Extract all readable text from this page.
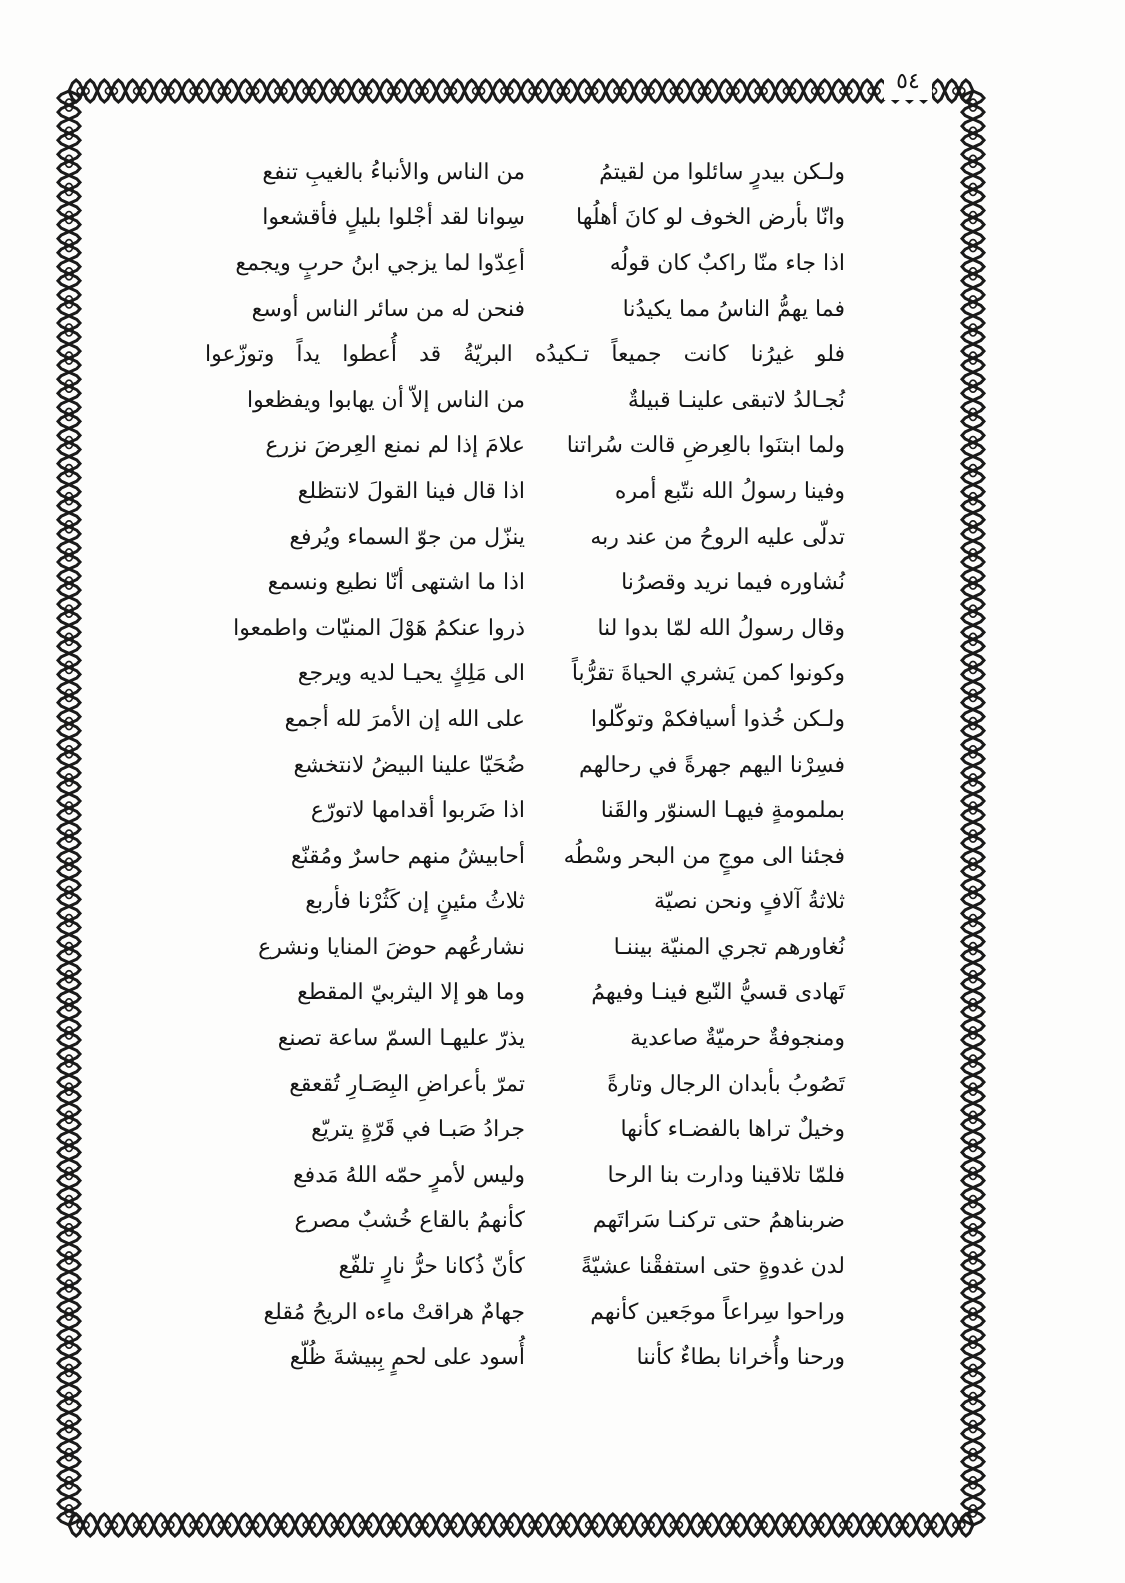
٥٤
ولـكن بيدرٍ سائلوا من لقيتمُ
من الناس والأنباءُ بالغيبِ تنفع
وانّا بأرض الخوف لو كانَ أهلُها
سِوانا لقد أجْلوا بليلٍ فأقشعوا
اذا جاء منّا راكبٌ كان قولُه
أعِدّوا لما يزجي ابنُ حربٍ ويجمع
فما يهمُّ الناسُ مما يكيدُنا
فنحن له من سائر الناس أوسع
فلو غيرُنا كانت جميعاً تـكيدُه البريّةُ قد أُعطوا يداً وتوزّعوا
نُجـالدُ لاتبقى علينـا قبيلةٌ
من الناس إلاّ أن يهابوا ويفظعوا
ولما ابتنَوا بالعِرضِ قالت سُراتنا
علامَ إذا لم نمنع العِرضَ نزرع
وفينا رسولُ الله نتّبع أمره
اذا قال فينا القولَ لانتظلع
تدلّى عليه الروحُ من عند ربه
ينزّل من جوّ السماء ويُرفع
نُشاوره فيما نريد وقصرُنا
اذا ما اشتهى أنّا نطيع ونسمع
وقال رسولُ الله لمّا بدوا لنا
ذروا عنكمُ هَوْلَ المنيّات واطمعوا
وكونوا كمن يَشري الحياةَ تقرُّباً
الى مَلِكٍ يحيـا لديه ويرجع
ولـكن خُذوا أسيافكمْ وتوكّلوا
على الله إن الأمرَ لله أجمع
فسِرْنا اليهم جهرةً في رحالهم
ضُحَيّا علينا البيضُ لانتخشع
بملمومةٍ فيهـا السنوّر والقَنا
اذا ضَربوا أقدامها لاتورّع
فجئنا الى موجٍ من البحر وسْطُه
أحابيشُ منهم حاسرٌ ومُقنّع
ثلاثةُ آلافٍ ونحن نصيّة
ثلاثُ مئينٍ إن كَثُرْنا فأربع
نُغاورهم تجري المنيّة بيننـا
نشارعُهم حوضَ المنايا ونشرع
تَهادى قسيُّ النّبع فينـا وفيهمُ
وما هو إلا اليثربيّ المقطع
ومنجوفةٌ حرميّةٌ صاعدية
يذرّ عليهـا السمّ ساعة تصنع
تَصُوبُ بأبدان الرجال وتارةً
تمرّ بأعراضِ البِصَـارِ تُقعقع
وخيلٌ تراها بالفضـاء كأنها
جرادُ صَبـا في قَرّةٍ يتريّع
فلمّا تلاقينا ودارت بنا الرحا
وليس لأمرٍ حمّه اللهُ مَدفع
ضربناهمُ حتى تركنـا سَراتَهم
كأنهمُ بالقاع خُشبٌ مصرع
لدن غدوةٍ حتى استفقْنا عشيّةً
كأنّ ذُكانا حرُّ نارٍ تلفّع
وراحوا سِراعاً موجَعين كأنهم
جهامٌ هراقتْ ماءه الريحُ مُقلع
ورحنا وأُخرانا بطاءٌ كأننا
أُسود على لحمٍ بِبيشةَ ظُلّع
